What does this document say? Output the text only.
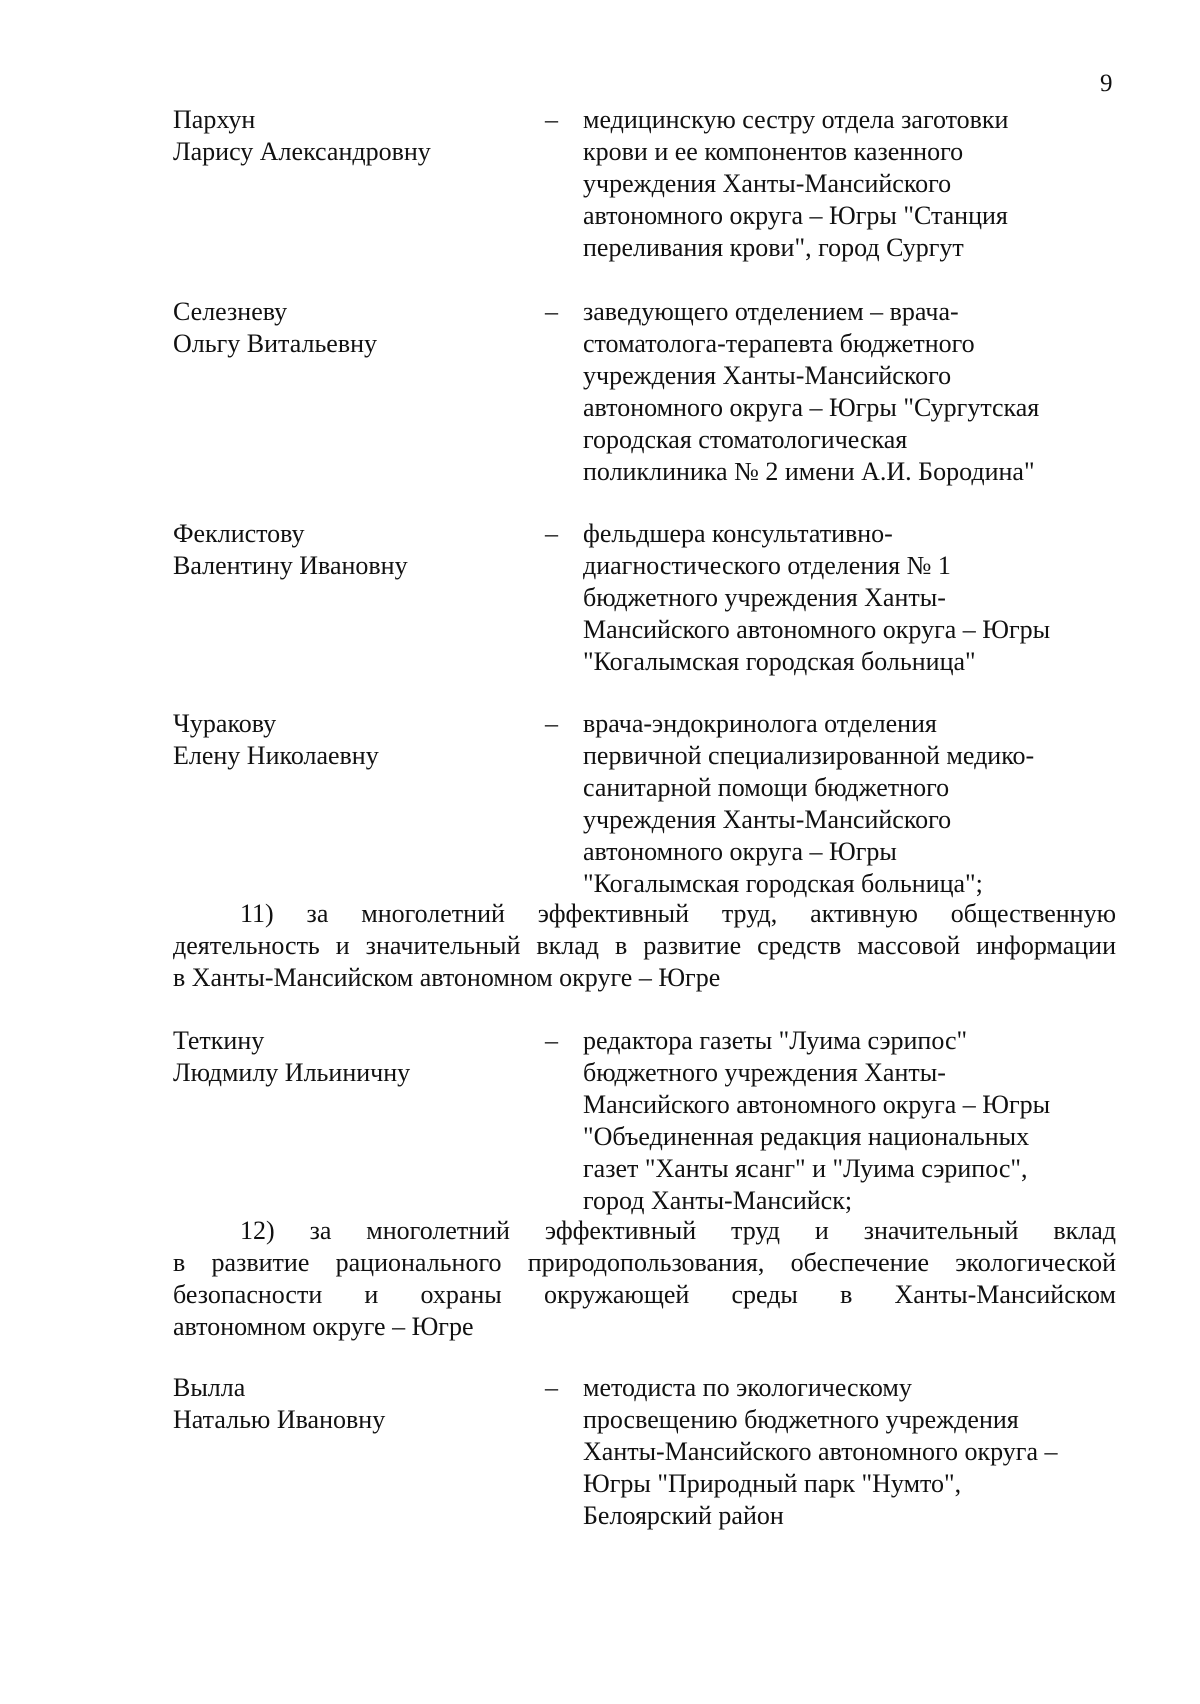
9
Пархун
Ларису Александровну
– медицинскую сестру отдела заготовки
крови и ее компонентов казенного
учреждения Ханты-Мансийского
автономного округа – Югры "Станция
переливания крови", город Сургут
Селезневу
Ольгу Витальевну
– заведующего отделением – врача-
стоматолога-терапевта бюджетного
учреждения Ханты-Мансийского
автономного округа – Югры "Сургутская
городская стоматологическая
поликлиника № 2 имени А.И. Бородина"
Феклистову
Валентину Ивановну
– фельдшера консультативно-
диагностического отделения № 1
бюджетного учреждения Ханты-
Мансийского автономного округа – Югры
"Когалымская городская больница"
Чуракову
Елену Николаевну
– врача-эндокринолога отделения
первичной специализированной медико-
санитарной помощи бюджетного
учреждения Ханты-Мансийского
автономного округа – Югры
"Когалымская городская больница";
11) за многолетний эффективный труд, активную общественную
деятельность и значительный вклад в развитие средств массовой информации
в Ханты-Мансийском автономном округе – Югре
Теткину
Людмилу Ильиничну
– редактора газеты "Луима сэрипос"
бюджетного учреждения Ханты-
Мансийского автономного округа – Югры
"Объединенная редакция национальных
газет "Ханты ясанг" и "Луима сэрипос",
город Ханты-Мансийск;
12) за многолетний эффективный труд и значительный вклад
в развитие рационального природопользования, обеспечение экологической
безопасности и охраны окружающей среды в Ханты-Мансийском
автономном округе – Югре
Вылла
Наталью Ивановну
– методиста по экологическому
просвещению бюджетного учреждения
Ханты-Мансийского автономного округа –
Югры "Природный парк "Нумто",
Белоярский район
